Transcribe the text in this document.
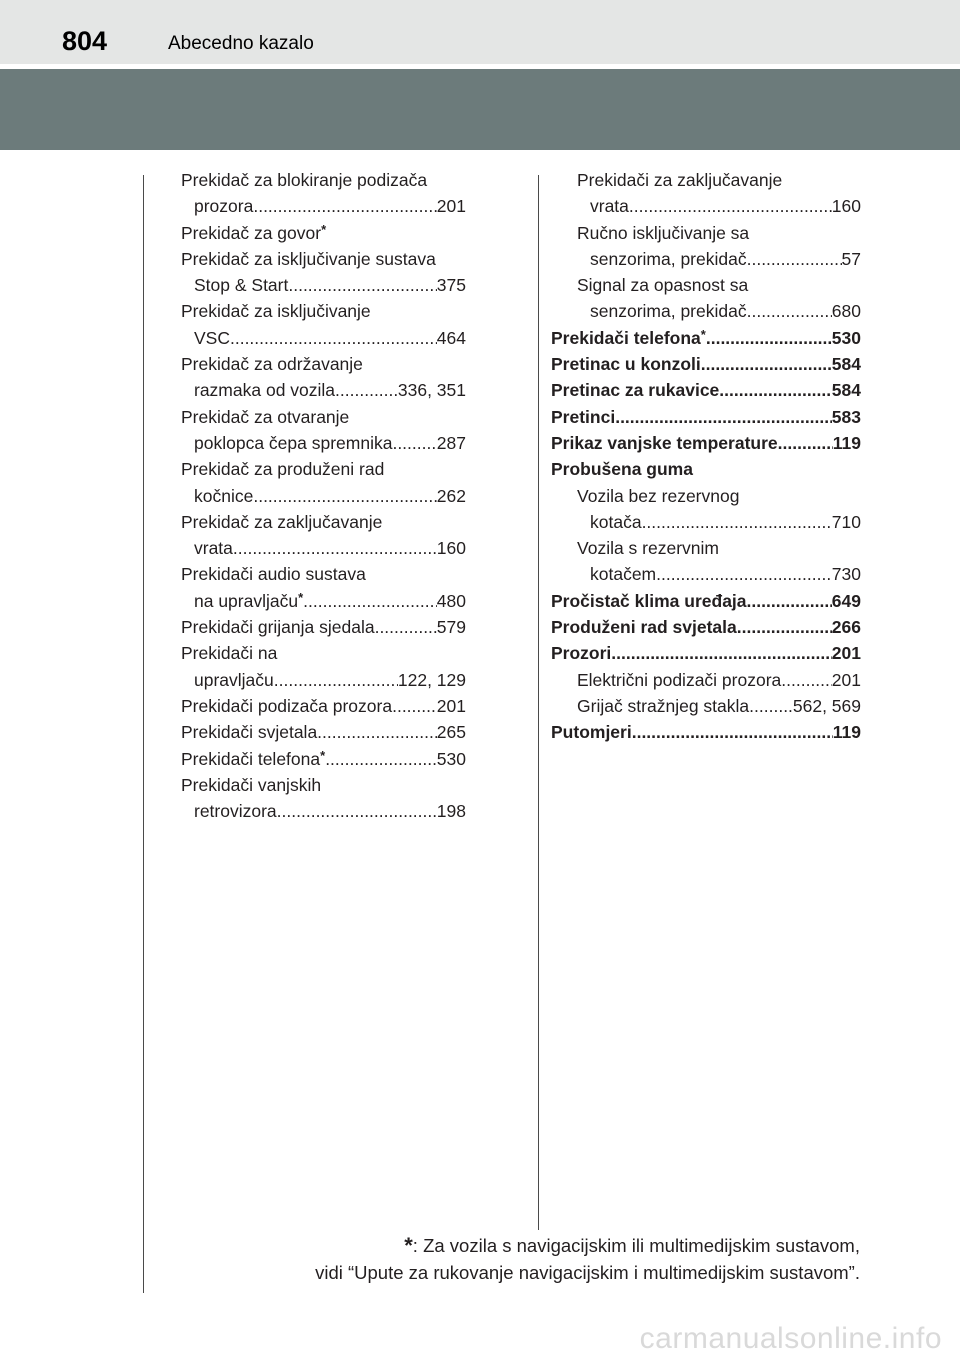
804	Abecedno kazalo
Prekidač za blokiranje podizača
prozora .....	201
Prekidač za govor*
Prekidač za isključivanje sustava
Stop & Start .....	375
Prekidač za isključivanje
VSC .....	464
Prekidač za održavanje
razmaka od vozila .....	336, 351
Prekidač za otvaranje
poklopca čepa spremnika .....	287
Prekidač za produženi rad
kočnice .....	262
Prekidač za zaključavanje
vrata .....	160
Prekidači audio sustava
na upravljaču* .....	480
Prekidači grijanja sjedala .....	579
Prekidači na
upravljaču .....	122, 129
Prekidači podizača prozora .....	201
Prekidači svjetala .....	265
Prekidači telefona* .....	530
Prekidači vanjskih
retrovizora .....	198
Prekidači za zaključavanje
vrata .....	160
Ručno isključivanje sa
senzorima, prekidač .....	57
Signal za opasnost sa
senzorima, prekidač .....	680
Prekidači telefona* .....	530
Pretinac u konzoli .....	584
Pretinac za rukavice .....	584
Pretinci .....	583
Prikaz vanjske temperature .....	119
Probušena guma
Vozila bez rezervnog
kotača .....	710
Vozila s rezervnim
kotačem .....	730
Pročistač klima uređaja .....	649
Produženi rad svjetala .....	266
Prozori .....	201
Električni podizači prozora .....	201
Grijač stražnjeg stakla ..... 562, 569
Putomjeri .....	119
*: Za vozila s navigacijskim ili multimedijskim sustavom,
vidi “Upute za rukovanje navigacijskim i multimedijskim sustavom”.
carmanualsonline.info
